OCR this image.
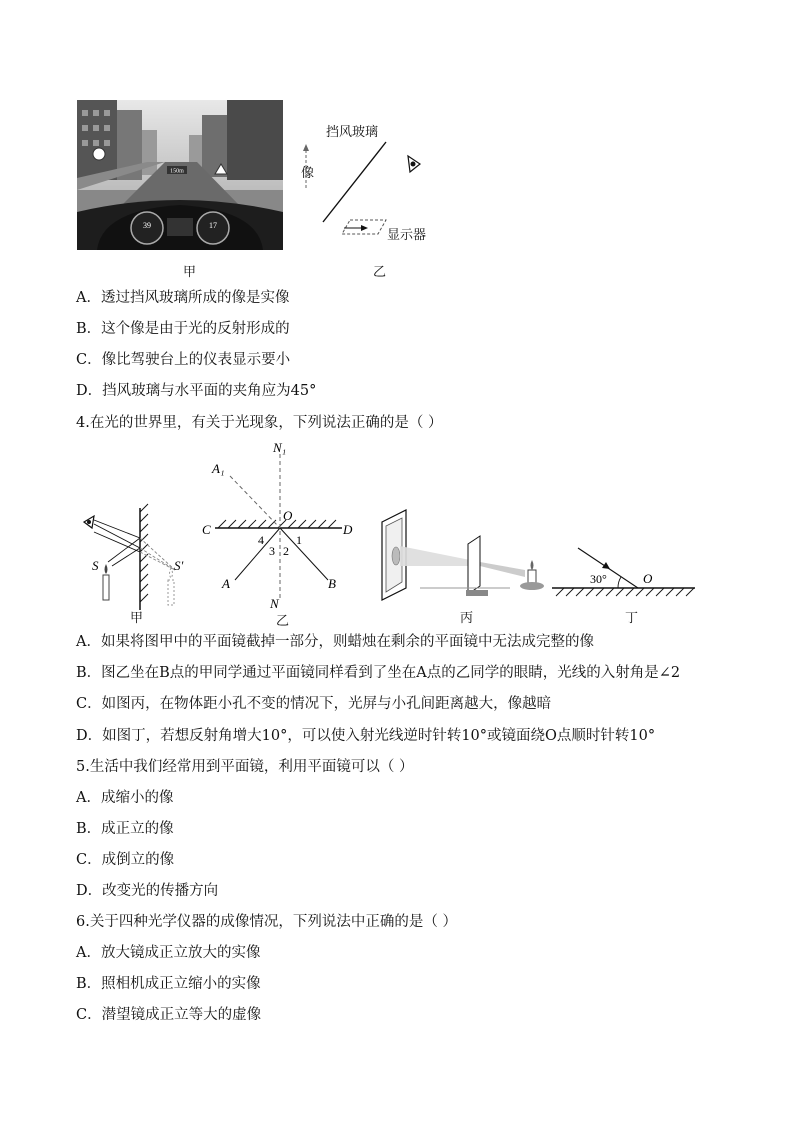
150m
39	17
挡风玻璃
像
显示器
甲	乙
A．透过挡风玻璃所成的像是实像
B．这个像是由于光的反射形成的
C．像比驾驶台上的仪表显示要小
D．挡风玻璃与水平面的夹角应为45°
4.在光的世界里，有关于光现象，下列说法正确的是（ ）
S	S′
N₁
A₁
O
C	D
A	B
N
1
2
3
4
30°	O
甲	乙	丙	丁
A．如果将图甲中的平面镜截掉一部分，则蜡烛在剩余的平面镜中无法成完整的像
B．图乙坐在B点的甲同学通过平面镜同样看到了坐在A点的乙同学的眼睛，光线的入射角是∠2
C．如图丙，在物体距小孔不变的情况下，光屏与小孔间距离越大，像越暗
D．如图丁，若想反射角增大10°，可以使入射光线逆时针转10°或镜面绕O点顺时针转10°
5.生活中我们经常用到平面镜，利用平面镜可以（ ）
A．成缩小的像
B．成正立的像
C．成倒立的像
D．改变光的传播方向
6.关于四种光学仪器的成像情况，下列说法中正确的是（ ）
A．放大镜成正立放大的实像
B．照相机成正立缩小的实像
C．潜望镜成正立等大的虚像
